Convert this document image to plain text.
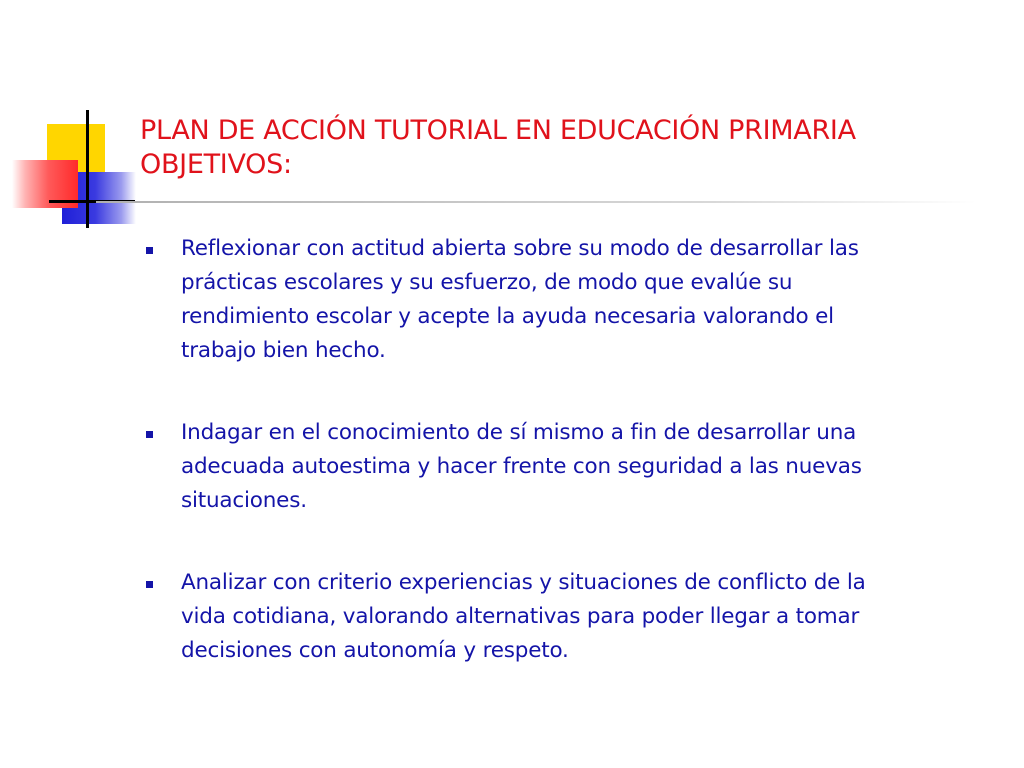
PLAN DE ACCIÓN TUTORIAL EN EDUCACIÓN PRIMARIA
OBJETIVOS:
Reflexionar con actitud abierta sobre su modo de desarrollar las
prácticas escolares y su esfuerzo, de modo que evalúe su
rendimiento escolar y acepte la ayuda necesaria valorando el
trabajo bien hecho.
Indagar en el conocimiento de sí mismo a fin de desarrollar una
adecuada autoestima y hacer frente con seguridad a las nuevas
situaciones.
Analizar con criterio experiencias y situaciones de conflicto de la
vida cotidiana, valorando alternativas para poder llegar a tomar
decisiones con autonomía y respeto.
